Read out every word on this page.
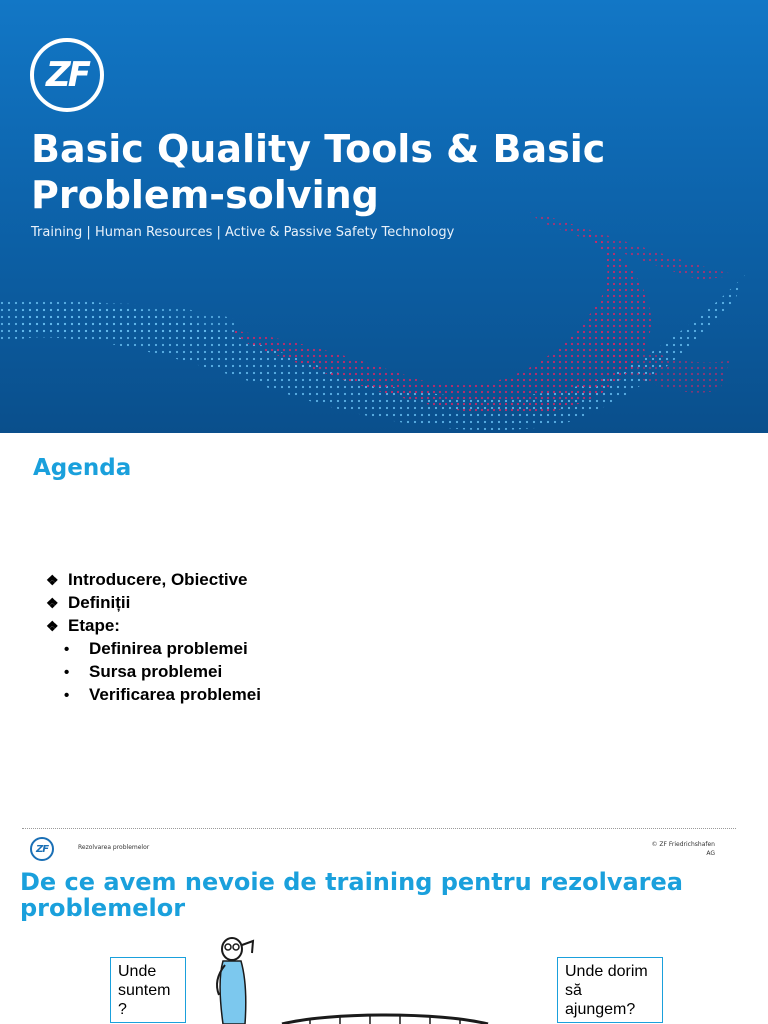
ZF
Basic Quality Tools & Basic Problem-solving
Training | Human Resources | Active & Passive Safety Technology
Agenda
❖ Introducere, Obiective
❖ Definiții
❖ Etape:
• Definirea problemei
• Sursa problemei
• Verificarea problemei
ZF	Rezolvarea problemelor	© ZF Friedrichshafen
AG
De ce avem nevoie de training pentru rezolvarea problemelor
Unde suntem ?
Unde dorim să ajungem?
